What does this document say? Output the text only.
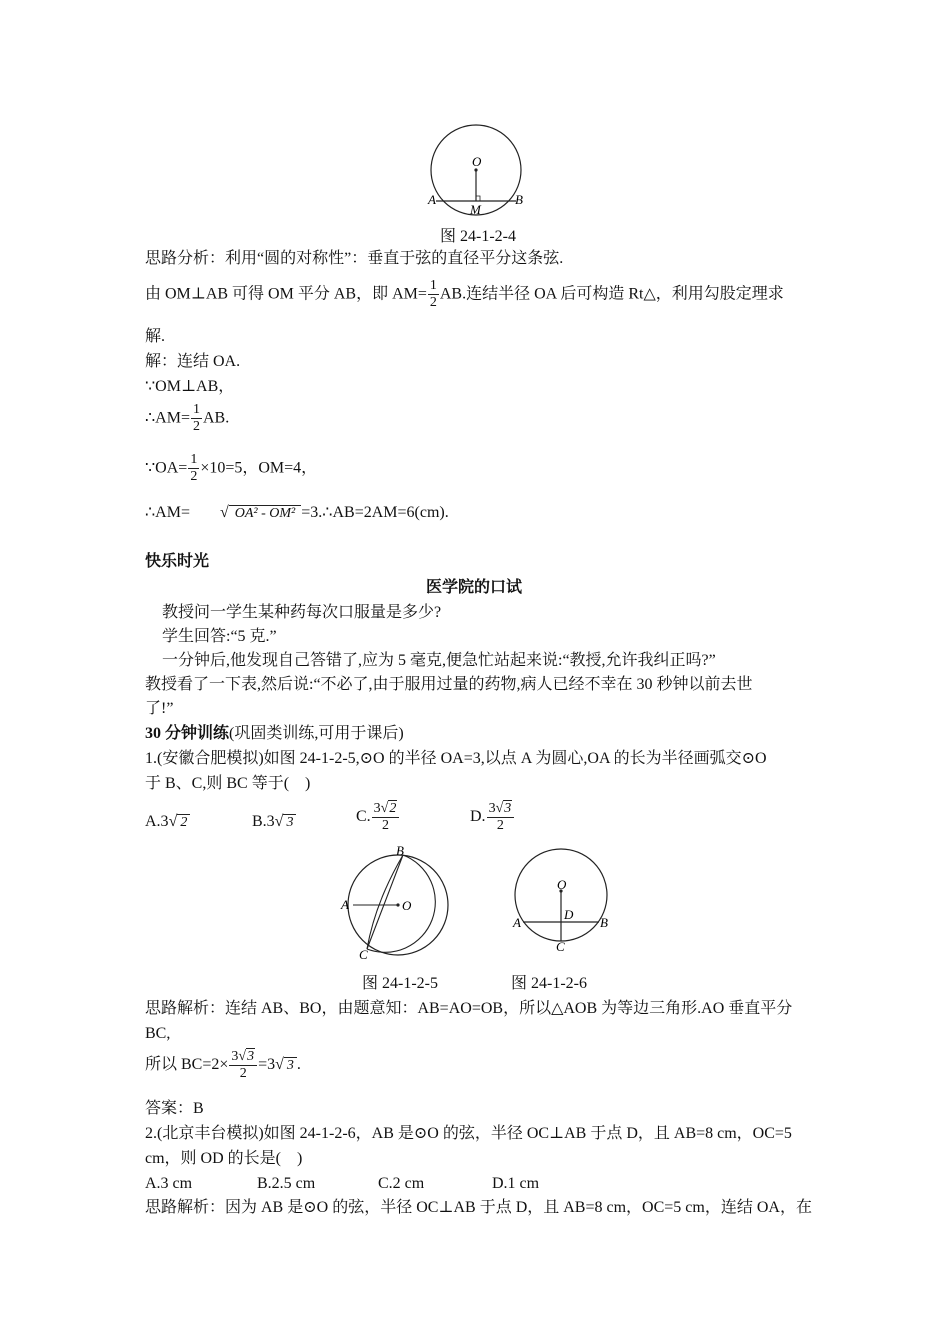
O
A
M
B
图 24-1-2-4
思路分析：利用“圆的对称性”：垂直于弦的直径平分这条弦.
由 OM⊥AB 可得 OM 平分 AB，即 $AM= \frac{1}{2}$ AB.连结半径 OA 后可构造 Rt△，利用勾股定理求
解.
解：连结 OA.
∵OM⊥AB，
∴AM= $\frac{1}{2}$ AB.
∵OA= $\frac{1}{2} \times 10=5$，OM=4，
∴AM= √ OA² - OM² =3.∴AB=2AM=6(cm).
快乐时光
医学院的口试
教授问一学生某种药每次口服量是多少?
学生回答:“5 克.”
一分钟后,他发现自己答错了,应为 5 毫克,便急忙站起来说:“教授,允许我纠正吗?”
教授看了一下表,然后说:“不必了,由于服用过量的药物,病人已经不幸在 30 秒钟以前去世
了!”
30 分钟训练(巩固类训练,可用于课后)
1.(安徽合肥模拟)如图 24-1-2-5,⊙O 的半径 OA=3,以点 A 为圆心,OA 的长为半径画弧交⊙O
于 B、C,则 BC 等于(　)
A.3√ 2	B.3√ 3	C. $\frac{3√2}{2}$	D. $\frac{3√3}{2}$
B
A	O
C
O
A
D
B
C
图 24-1-2-5	图 24-1-2-6
思路解析：连结 AB、BO，由题意知：AB=AO=OB，所以△AOB 为等边三角形.AO 垂直平分
BC,
所以 $BC=2\times \frac{3√3}{2} =3√$ 3 .
答案：B
2.(北京丰台模拟)如图 24-1-2-6，AB 是⊙O 的弦，半径 OC⊥AB 于点 D，且 AB=8 cm，OC=5
cm，则 OD 的长是(　)
A.3 cm	B.2.5 cm	C.2 cm	D.1 cm
思路解析：因为 AB 是⊙O 的弦，半径 OC⊥AB 于点 D，且 AB=8 cm，OC=5 cm，连结 OA，在
